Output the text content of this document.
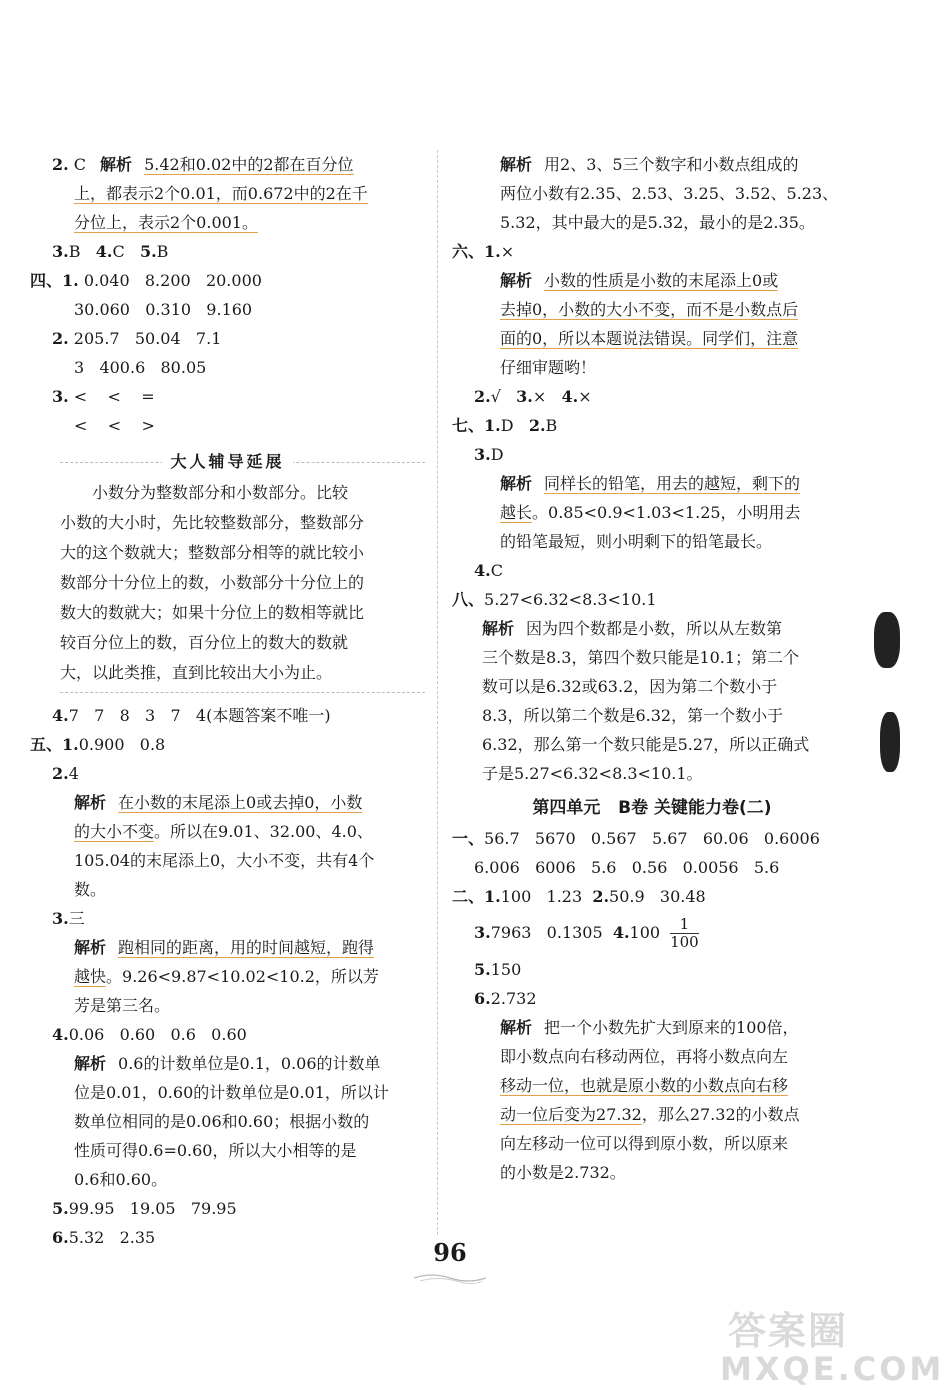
2. C 解析 5.42和0.02中的2都在百分位
上，都表示2个0.01，而0.672中的2在千
分位上，表示2个0.001。
3.B 4.C 5.B
四、1. 0.040   8.200   20.000
30.060   0.310   9.160
2. 205.7   50.04   7.1
3   400.6   80.05
3. <    <    =
<    <    >
大人辅导延展
小数分为整数部分和小数部分。比较
小数的大小时，先比较整数部分，整数部分
大的这个数就大；整数部分相等的就比较小
数部分十分位上的数，小数部分十分位上的
数大的数就大；如果十分位上的数相等就比
较百分位上的数，百分位上的数大的数就
大，以此类推，直到比较出大小为止。
4.7   7   8   3   7   4(本题答案不唯一)
五、1.0.900   0.8
2.4
解析 在小数的末尾添上0或去掉0，小数
的大小不变。所以在9.01、32.00、4.0、
105.04的末尾添上0，大小不变，共有4个
数。
3.三
解析 跑相同的距离，用的时间越短，跑得
越快。9.26<9.87<10.02<10.2，所以芳
芳是第三名。
4.0.06   0.60   0.6   0.60
解析 0.6的计数单位是0.1，0.06的计数单
位是0.01，0.60的计数单位是0.01，所以计
数单位相同的是0.06和0.60；根据小数的
性质可得0.6=0.60，所以大小相等的是
0.6和0.60。
5.99.95   19.05   79.95
6.5.32   2.35
解析 用2、3、5三个数字和小数点组成的
两位小数有2.35、2.53、3.25、3.52、5.23、
5.32，其中最大的是5.32，最小的是2.35。
六、1.×
解析 小数的性质是小数的末尾添上0或
去掉0，小数的大小不变，而不是小数点后
面的0，所以本题说法错误。同学们，注意
仔细审题哟！
2.√ 3.× 4.×
七、1.D 2.B
3.D
解析 同样长的铅笔，用去的越短，剩下的
越长。0.85<0.9<1.03<1.25，小明用去
的铅笔最短，则小明剩下的铅笔最长。
4.C
八、5.27<6.32<8.3<10.1
解析 因为四个数都是小数，所以从左数第
三个数是8.3，第四个数只能是10.1；第二个
数可以是6.32或63.2，因为第二个数小于
8.3，所以第二个数是6.32，第一个数小于
6.32，那么第一个数只能是5.27，所以正确式
子是5.27<6.32<8.3<10.1。
第四单元   B卷 关键能力卷(二)
一、56.7   5670   0.567   5.67   60.06   0.6006
6.006   6006   5.6   0.56   0.0056   5.6
二、1.100   1.23 2.50.9   30.48
3.7963   0.1305 $4.100 \frac{1}{100}$
5.150
6.2.732
解析 把一个小数先扩大到原来的100倍，
即小数点向右移动两位，再将小数点向左
移动一位，也就是原小数的小数点向右移
动一位后变为27.32，那么27.32的小数点
向左移动一位可以得到原小数，所以原来
的小数是2.732。
96
答案圈
MXQE.COM
